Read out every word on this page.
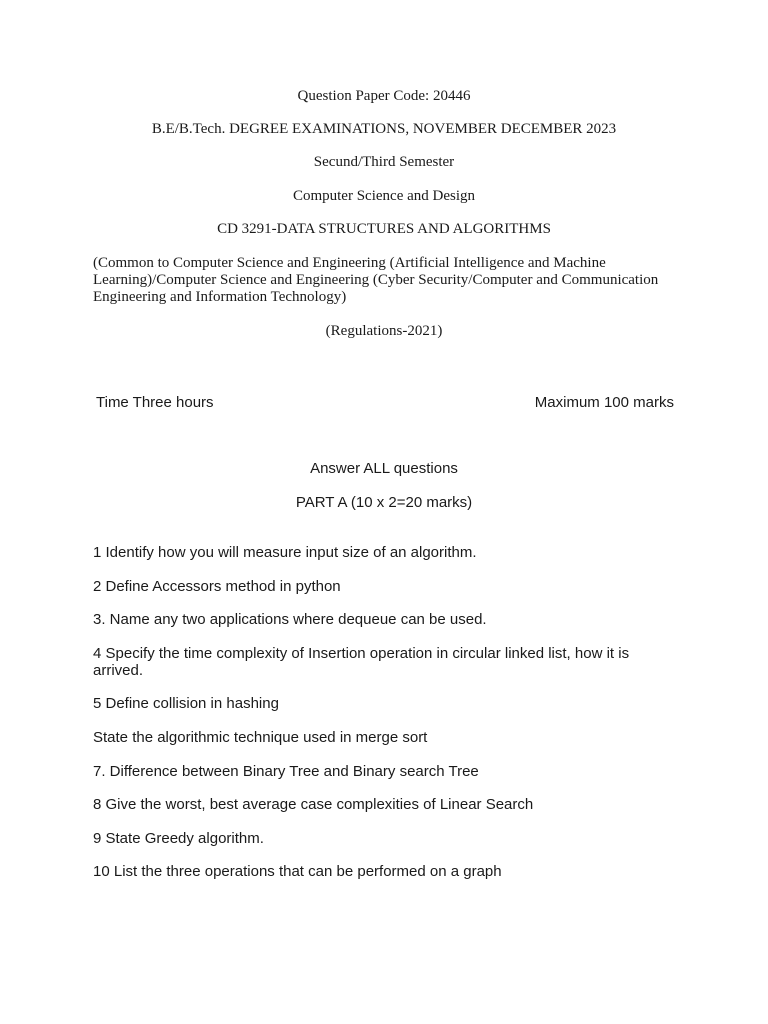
Question Paper Code: 20446
B.E/B.Tech. DEGREE EXAMINATIONS, NOVEMBER DECEMBER 2023
Secund/Third Semester
Computer Science and Design
CD 3291-DATA STRUCTURES AND ALGORITHMS
(Common to Computer Science and Engineering (Artificial Intelligence and Machine Learning)/Computer Science and Engineering (Cyber Security/Computer and Communication Engineering and Information Technology)
(Regulations-2021)
Time Three hours	Maximum 100 marks
Answer ALL questions
PART A (10 x 2=20 marks)
1 Identify how you will measure input size of an algorithm.
2 Define Accessors method in python
3. Name any two applications where dequeue can be used.
4 Specify the time complexity of Insertion operation in circular linked list, how it is arrived.
5 Define collision in hashing
State the algorithmic technique used in merge sort
7. Difference between Binary Tree and Binary search Tree
8 Give the worst, best average case complexities of Linear Search
9 State Greedy algorithm.
10 List the three operations that can be performed on a graph
